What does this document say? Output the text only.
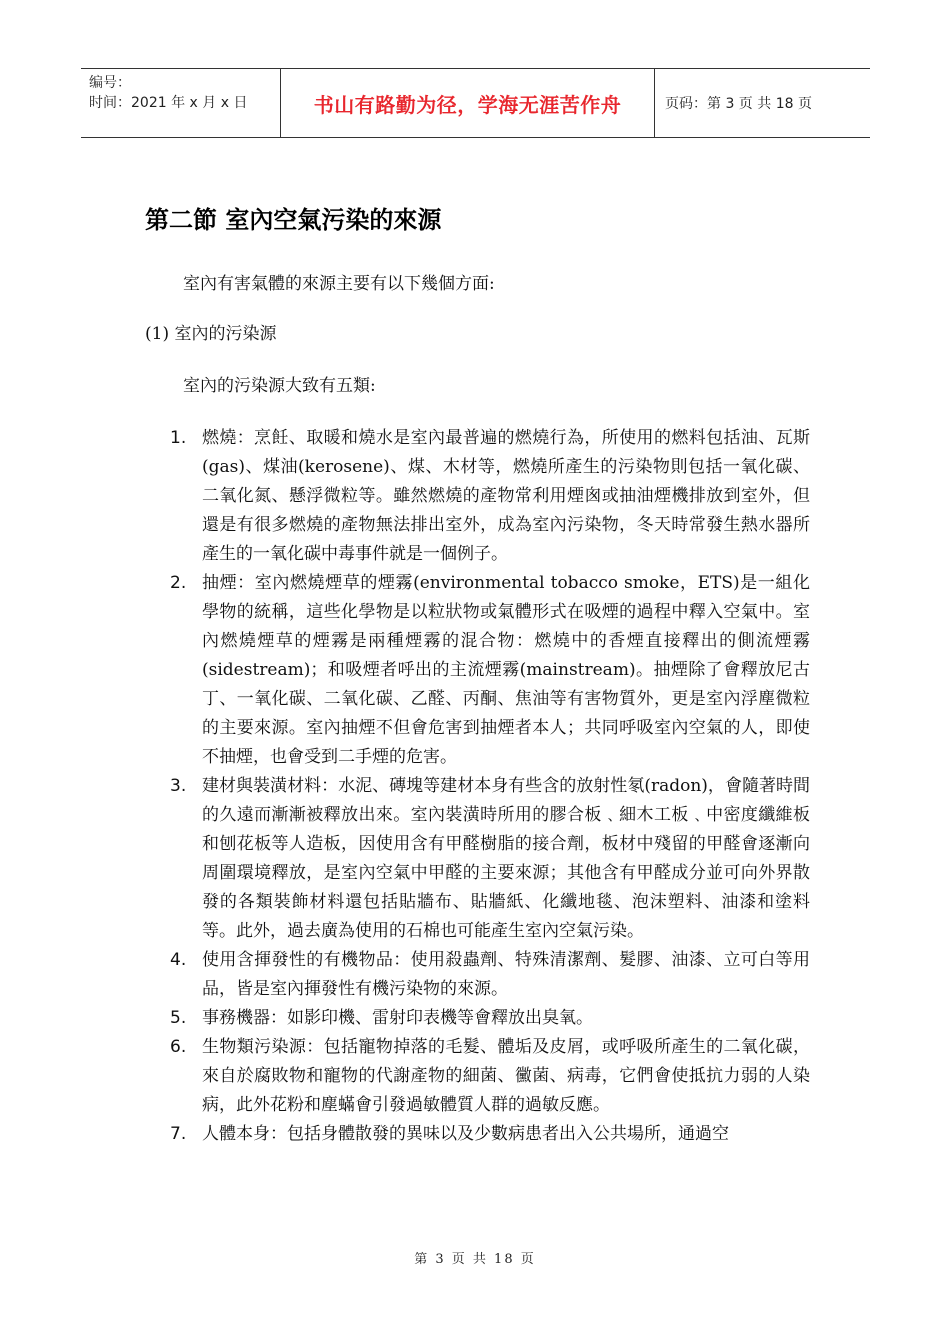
编号：
时间：2021 年 x 月 x 日	书山有路勤为径，学海无涯苦作舟	页码：第 3 页 共 18 页
第二節 室內空氣污染的來源
室內有害氣體的來源主要有以下幾個方面:
(1) 室內的污染源
室內的污染源大致有五類:
1. 燃燒：烹飪、取暖和燒水是室內最普遍的燃燒行為，所使用的燃料包括油、瓦斯(gas)、煤油(kerosene)、煤、木材等，燃燒所產生的污染物則包括一氧化碳、二氧化氮、懸浮微粒等。雖然燃燒的產物常利用煙囪或抽油煙機排放到室外，但還是有很多燃燒的產物無法排出室外，成為室內污染物，冬天時常發生熱水器所產生的一氧化碳中毒事件就是一個例子。
2. 抽煙：室內燃燒煙草的煙霧(environmental tobacco smoke，ETS)是一組化學物的統稱，這些化學物是以粒狀物或氣體形式在吸煙的過程中釋入空氣中。室內燃燒煙草的煙霧是兩種煙霧的混合物：燃燒中的香煙直接釋出的側流煙霧(sidestream)；和吸煙者呼出的主流煙霧(mainstream)。抽煙除了會釋放尼古丁、一氧化碳、二氧化碳、乙醛、丙酮、焦油等有害物質外，更是室內浮塵微粒的主要來源。室內抽煙不但會危害到抽煙者本人；共同呼吸室內空氣的人，即使不抽煙，也會受到二手煙的危害。
3. 建材與裝潢材料：水泥、磚塊等建材本身有些含的放射性氡(radon)，會隨著時間的久遠而漸漸被釋放出來。室內裝潢時所用的膠合板﹑細木工板﹑中密度纖維板和刨花板等人造板，因使用含有甲醛樹脂的接合劑，板材中殘留的甲醛會逐漸向周圍環境釋放，是室內空氣中甲醛的主要來源；其他含有甲醛成分並可向外界散發的各類裝飾材料還包括貼牆布、貼牆紙、化纖地毯、泡沫塑料、油漆和塗料等。此外，過去廣為使用的石棉也可能產生室內空氣污染。
4. 使用含揮發性的有機物品：使用殺蟲劑、特殊清潔劑、髮膠、油漆、立可白等用品，皆是室內揮發性有機污染物的來源。
5. 事務機器：如影印機、雷射印表機等會釋放出臭氧。
6. 生物類污染源：包括寵物掉落的毛髮、體垢及皮屑，或呼吸所產生的二氧化碳，來自於腐敗物和寵物的代謝產物的細菌、黴菌、病毒，它們會使抵抗力弱的人染病，此外花粉和塵蟎會引發過敏體質人群的過敏反應。
7. 人體本身：包括身體散發的異味以及少數病患者出入公共場所，通過空
第 3 页 共 18 页
